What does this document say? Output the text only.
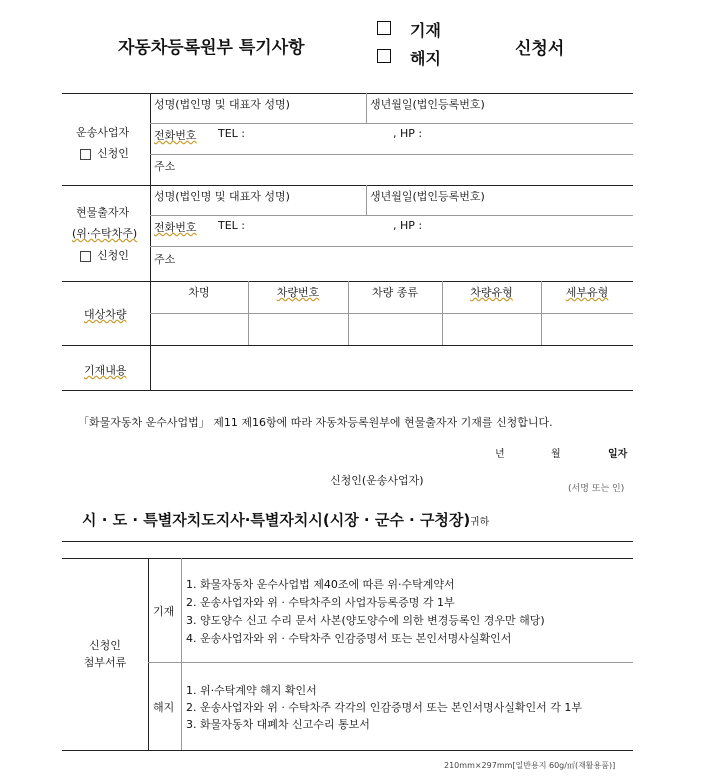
자동차등록원부 특기사항
기재
해지	신청서
운송사업자
신청인
성명(법인명 및 대표자 성명)	생년월일(법인등록번호)
전화번호 TEL :	, HP :
주소
현물출자자
(위·수탁차주)
신청인
성명(법인명 및 대표자 성명)	생년월일(법인등록번호)
전화번호 TEL :	, HP :
주소
대상차량
차명	차량번호	차량 종류	차량유형	세부유형
기재내용
「화물자동차 운수사업법」 제11 제16항에 따라 자동차등록원부에 현물출자자 기재를 신청합니다.
년	월	일자
신청인(운송사업자)
(서명 또는 인)
시 · 도 · 특별자치도지사·특별자치시(시장 · 군수 · 구청장) 귀하
신청인
첨부서류
기재
1. 화물자동차 운수사업법 제40조에 따른 위·수탁계약서
2. 운송사업자와 위 · 수탁차주의 사업자등록증명 각 1부
3. 양도양수 신고 수리 문서 사본(양도양수에 의한 변경등록인 경우만 해당)
4. 운송사업자와 위 · 수탁차주 인감증명서 또는 본인서명사실확인서
해지
1. 위·수탁계약 해지 확인서
2. 운송사업자와 위 · 수탁차주 각각의 인감증명서 또는 본인서명사실확인서 각 1부
3. 화물자동차 대폐차 신고수리 통보서
210mm×297mm[일반용지 60g/㎡(재활용품)]
